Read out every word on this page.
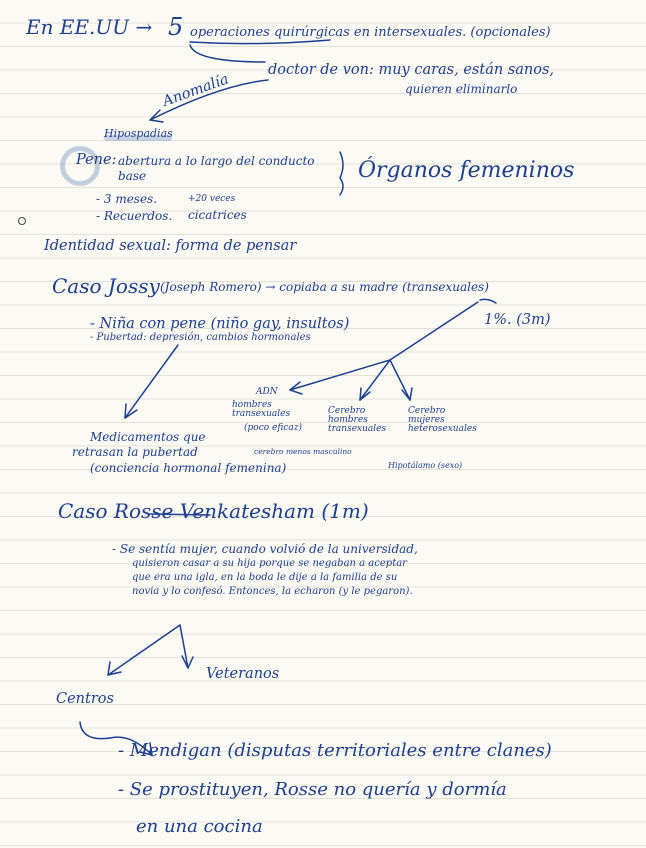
En EE.UU → 5 operaciones quirúrgicas en intersexuales. (opcionales)
doctor de von: muy caras, están sanos,
quieren eliminarlo
Anomalía
Hipospadias
Pene: abertura a lo largo del conducto
base	Órganos femeninos
- 3 meses.	+20 veces
- Recuerdos. cicatrices
Identidad sexual: forma de pensar
Caso Jossy (Joseph Romero) → copiaba a su madre (transexuales)
1%. (3m)
- Niña con pene (niño gay, insultos)
- Pubertad: depresión, cambios hormonales
ADN
hombres transexuales
(poco eficaz)
cerebro menos masculino
Cerebro hombres transexuales
Cerebro mujeres heterosexuales
Hipotálamo (sexo)
Medicamentos que
retrasan la pubertad
(conciencia hormonal femenina)
Caso Rosse Venkatesham (1m)
- Se sentía mujer, cuando volvió de la universidad,
quisieron casar a su hija porque se negaban a aceptar
que era una igla, en la boda le dije a la familia de su
novia y lo confesó. Entonces, la echaron (y le pegaron).
Veteranos
Centros
- Mendigan (disputas territoriales entre clanes)
- Se prostituyen, Rosse no quería y dormía
en una cocina
